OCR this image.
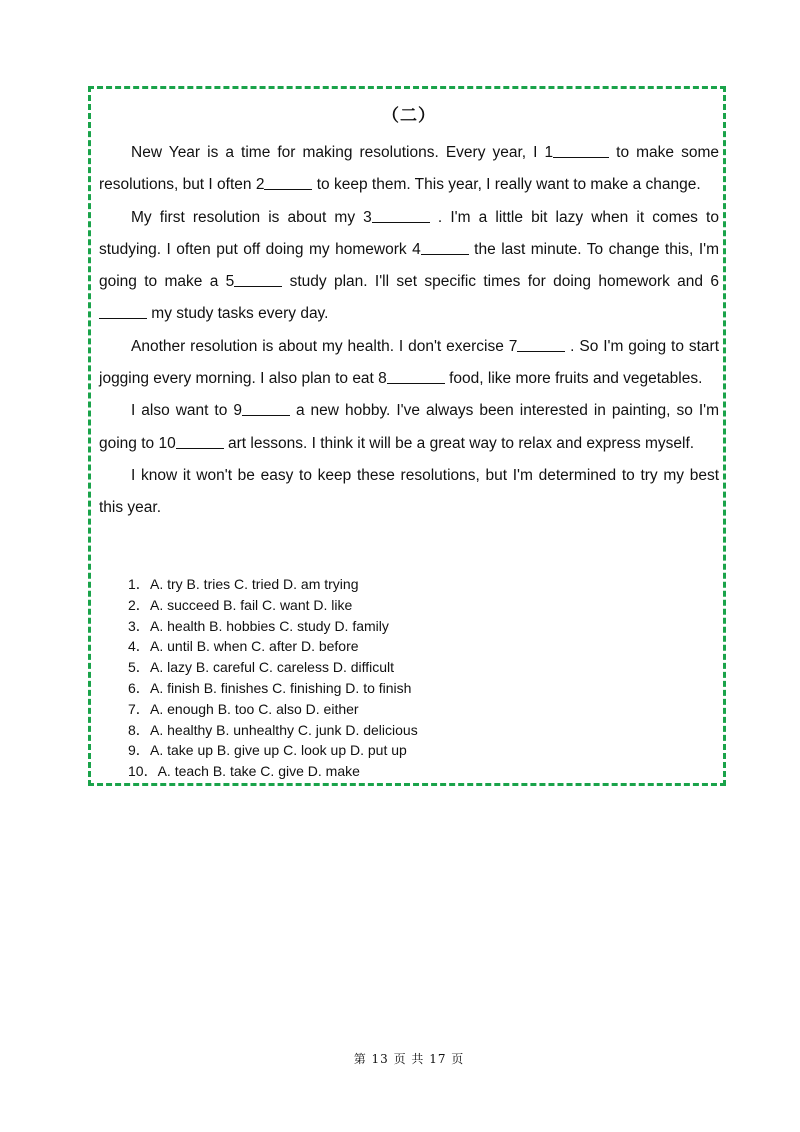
（二）

New Year is a time for making resolutions. Every year, I 1	to make some resolutions, but I often 2	to keep them. This year, I really want to make a change.

My first resolution is about my 3	. I'm a little bit lazy when it comes to studying. I often put off doing my homework 4	the last minute. To change this, I'm going to make a 5	study plan. I'll set specific times for doing homework and 6 my study tasks every day.

Another resolution is about my health. I don't exercise 7	. So I'm going to start jogging every morning. I also plan to eat 8	food, like more fruits and vegetables.

I also want to 9	a new hobby. I've always been interested in painting, so I'm going to 10	art lessons. I think it will be a great way to relax and express myself.

I know it won't be easy to keep these resolutions, but I'm determined to try my best this year.

1．A. try B. tries C. tried D. am trying
2．A. succeed B. fail C. want D. like
3．A. health B. hobbies C. study D. family
4．A. until B. when C. after D. before
5．A. lazy B. careful C. careless D. difficult
6．A. finish B. finishes C. finishing D. to finish
7．A. enough B. too C. also D. either
8．A. healthy B. unhealthy C. junk D. delicious
9．A. take up B. give up C. look up D. put up
10．A. teach B. take C. give D. make
第 13 页 共 17 页
